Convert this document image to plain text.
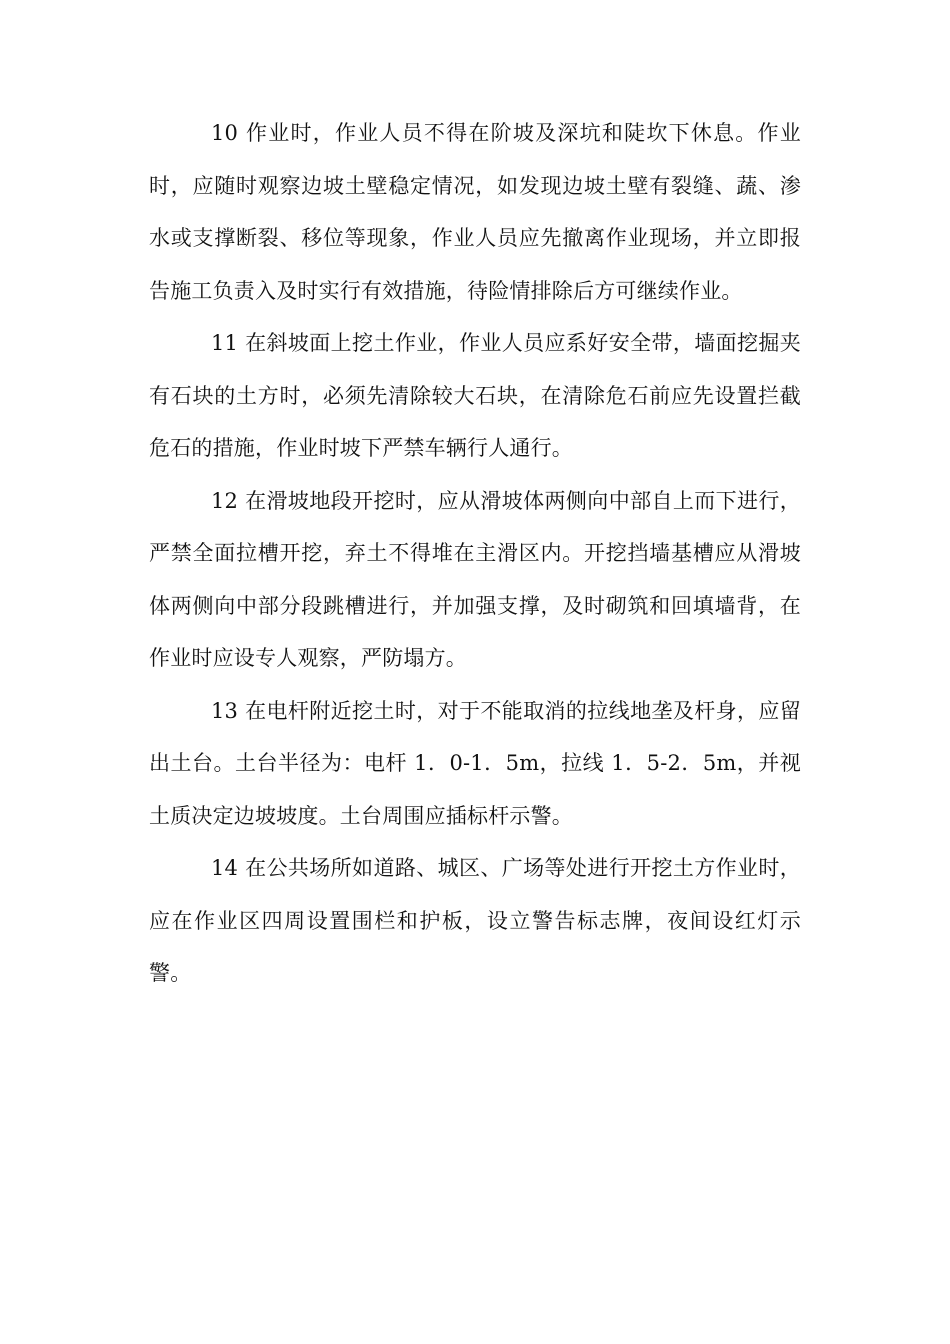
10 作业时，作业人员不得在阶坡及深坑和陡坎下休息。作业时，应随时观察边坡土壁稳定情况，如发现边坡土壁有裂缝、蔬、渗水或支撑断裂、移位等现象，作业人员应先撤离作业现场，并立即报告施工负责入及时实行有效措施，待险情排除后方可继续作业。

11 在斜坡面上挖土作业，作业人员应系好安全带，墙面挖掘夹有石块的土方时，必须先清除较大石块，在清除危石前应先设置拦截危石的措施，作业时坡下严禁车辆行人通行。

12 在滑坡地段开挖时，应从滑坡体两侧向中部自上而下进行，严禁全面拉槽开挖，弃土不得堆在主滑区内。开挖挡墙基槽应从滑坡体两侧向中部分段跳槽进行，并加强支撑，及时砌筑和回填墙背，在作业时应设专人观察，严防塌方。

13 在电杆附近挖土时，对于不能取消的拉线地垄及杆身，应留出土台。土台半径为：电杆 1．0-1．5m，拉线 1．5-2．5m，并视土质决定边坡坡度。土台周围应插标杆示警。

14 在公共场所如道路、城区、广场等处进行开挖土方作业时，应在作业区四周设置围栏和护板，设立警告标志牌，夜间设红灯示警。
